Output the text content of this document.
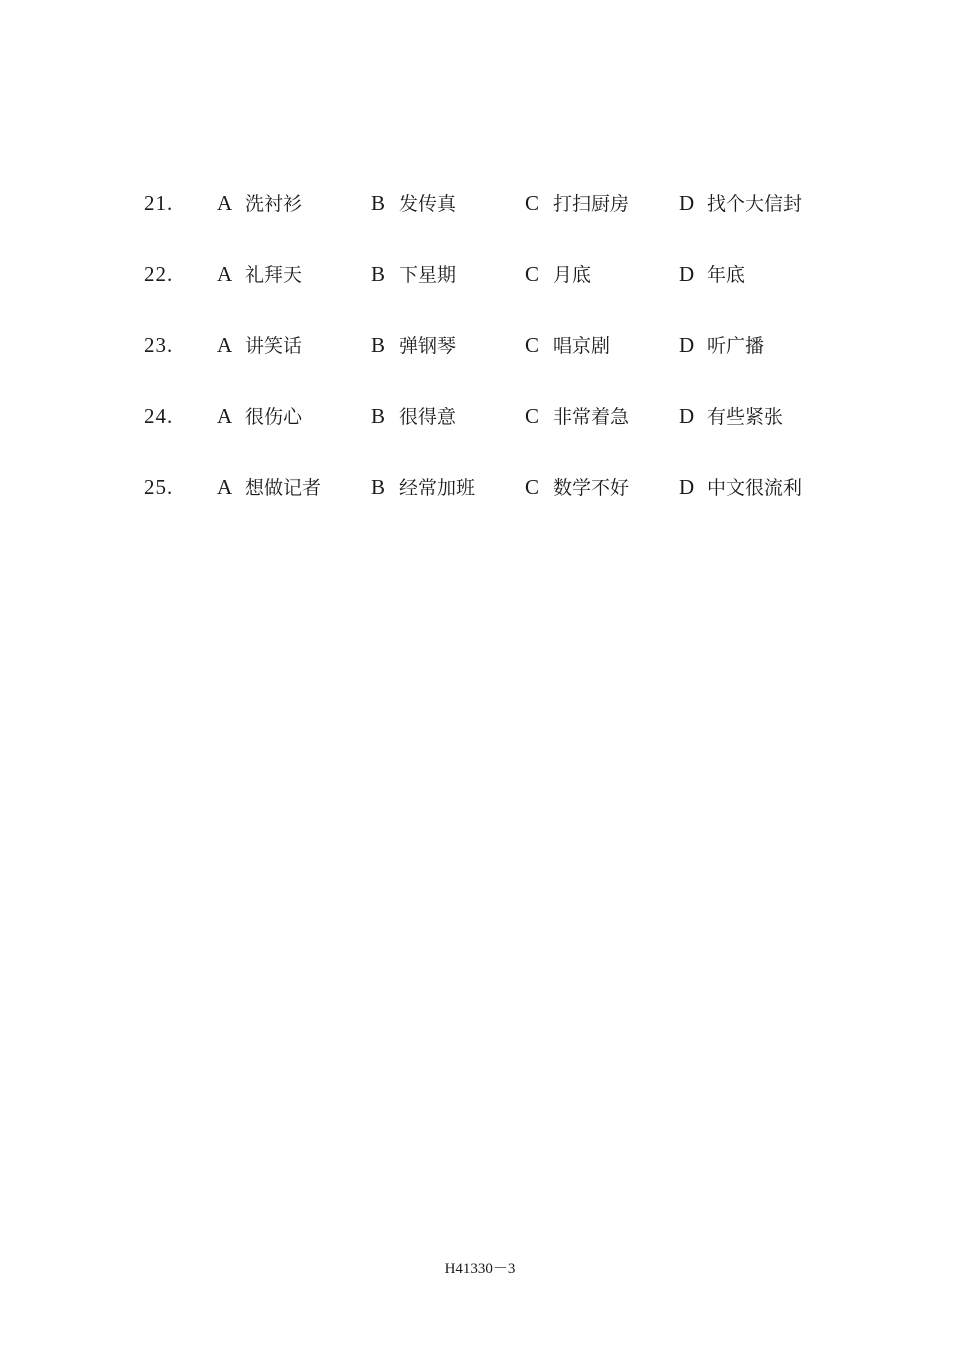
21. A 洗衬衫	B 发传真	C 打扫厨房 D 找个大信封
22. A 礼拜天	B 下星期	C 月底	D 年底
23. A 讲笑话	B 弹钢琴	C 唱京剧	D 听广播
24. A 很伤心	B 很得意	C 非常着急 D 有些紧张
25. A 想做记者 B 经常加班 C 数学不好 D 中文很流利
H41330－3
